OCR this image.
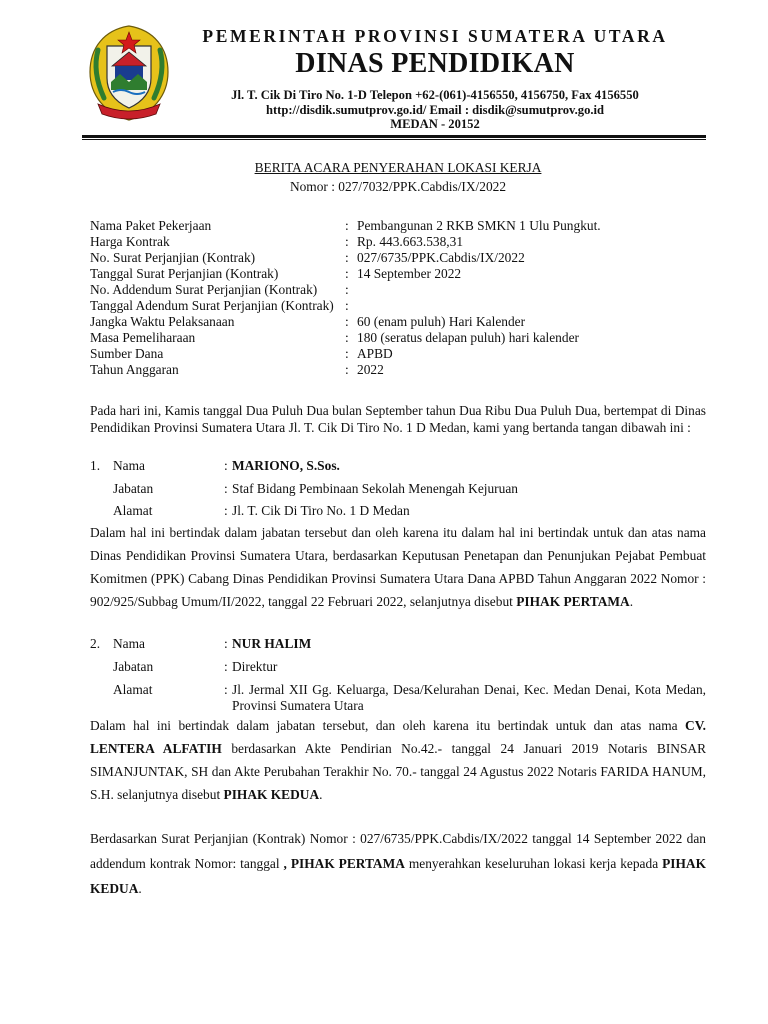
PEMERINTAH PROVINSI SUMATERA UTARA
DINAS PENDIDIKAN
Jl. T. Cik Di Tiro No. 1-D Telepon +62-(061)-4156550, 4156750, Fax 4156550
http://disdik.sumutprov.go.id/ Email : disdik@sumutprov.go.id
MEDAN - 20152
BERITA ACARA PENYERAHAN LOKASI KERJA
Nomor : 027/7032/PPK.Cabdis/IX/2022
Nama Paket Pekerjaan	: Pembangunan 2 RKB SMKN 1 Ulu Pungkut.
Harga Kontrak	: Rp. 443.663.538,31
No. Surat Perjanjian (Kontrak)	: 027/6735/PPK.Cabdis/IX/2022
Tanggal Surat Perjanjian (Kontrak)	: 14 September 2022
No. Addendum Surat Perjanjian (Kontrak) :
Tanggal Adendum Surat Perjanjian (Kontrak) :
Jangka Waktu Pelaksanaan	: 60 (enam puluh) Hari Kalender
Masa Pemeliharaan	: 180 (seratus delapan puluh) hari kalender
Sumber Dana	: APBD
Tahun Anggaran	: 2022
Pada hari ini, Kamis tanggal Dua Puluh Dua bulan September tahun Dua Ribu Dua Puluh Dua, bertempat di Dinas Pendidikan Provinsi Sumatera Utara Jl. T. Cik Di Tiro No. 1 D Medan, kami yang bertanda tangan dibawah ini :
1. Nama	: MARIONO, S.Sos.
Jabatan	: Staf Bidang Pembinaan Sekolah Menengah Kejuruan
Alamat	: Jl. T. Cik Di Tiro No. 1 D Medan
Dalam hal ini bertindak dalam jabatan tersebut dan oleh karena itu dalam hal ini bertindak untuk dan atas nama Dinas Pendidikan Provinsi Sumatera Utara, berdasarkan Keputusan Penetapan dan Penunjukan Pejabat Pembuat Komitmen (PPK) Cabang Dinas Pendidikan Provinsi Sumatera Utara Dana APBD Tahun Anggaran 2022 Nomor : 902/925/Subbag Umum/II/2022, tanggal 22 Februari 2022, selanjutnya disebut PIHAK PERTAMA.
2. Nama	: NUR HALIM
Jabatan	: Direktur
Alamat	: Jl. Jermal XII Gg. Keluarga, Desa/Kelurahan Denai, Kec. Medan Denai, Kota Medan, Provinsi Sumatera Utara
Dalam hal ini bertindak dalam jabatan tersebut, dan oleh karena itu bertindak untuk dan atas nama CV. LENTERA ALFATIH berdasarkan Akte Pendirian No.42.- tanggal 24 Januari 2019 Notaris BINSAR SIMANJUNTAK, SH dan Akte Perubahan Terakhir No. 70.- tanggal 24 Agustus 2022 Notaris FARIDA HANUM, S.H. selanjutnya disebut PIHAK KEDUA.
Berdasarkan Surat Perjanjian (Kontrak) Nomor : 027/6735/PPK.Cabdis/IX/2022 tanggal 14 September 2022 dan addendum kontrak Nomor: tanggal , PIHAK PERTAMA menyerahkan keseluruhan lokasi kerja kepada PIHAK KEDUA.
